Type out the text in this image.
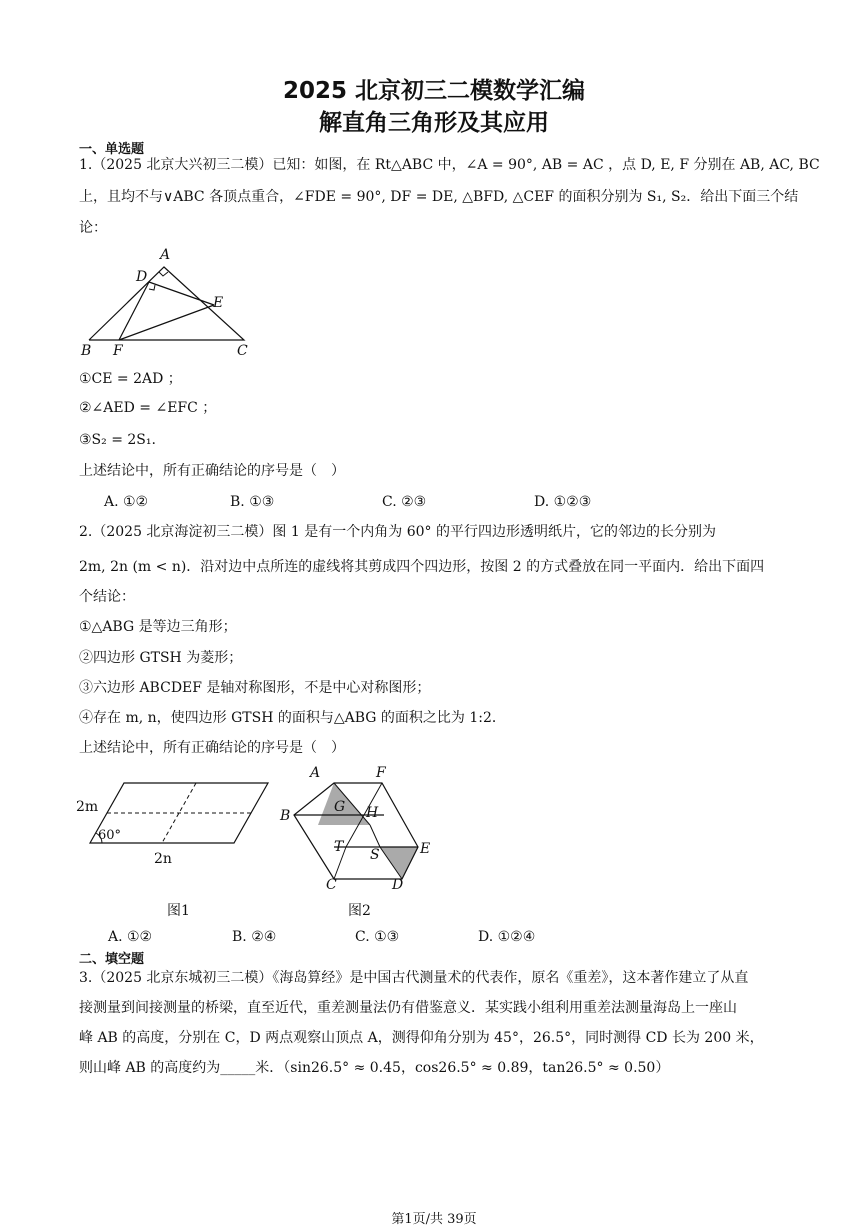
2025 北京初三二模数学汇编
解直角三角形及其应用
一、单选题
1.（2025 北京大兴初三二模）已知：如图，在 Rt△ABC 中，∠A = 90°, AB = AC ，点 D, E, F 分别在 AB, AC, BC
上，且均不与∨ABC 各顶点重合，∠FDE = 90°, DF = DE, △BFD, △CEF 的面积分别为 S₁, S₂．给出下面三个结
论：
A
D
E
B F	C
①CE = 2AD ；
②∠AED = ∠EFC ；
③S₂ = 2S₁.
上述结论中，所有正确结论的序号是（　）
A. ①②	B. ①③	C. ②③	D. ①②③
2.（2025 北京海淀初三二模）图 1 是有一个内角为 60° 的平行四边形透明纸片，它的邻边的长分别为
2m, 2n (m < n)．沿对边中点所连的虚线将其剪成四个四边形，按图 2 的方式叠放在同一平面内．给出下面四
个结论：
①△ABG 是等边三角形；
②四边形 GTSH 为菱形；
③六边形 ABCDEF 是轴对称图形，不是中心对称图形；
④存在 m, n，使四边形 GTSH 的面积与△ABG 的面积之比为 1:2．
上述结论中，所有正确结论的序号是（　）
2m
60°
2n
图1
A	F
B
G H
T S	E
C	D
图2
A. ①②	B. ②④	C. ①③	D. ①②④
二、填空题
3.（2025 北京东城初三二模）《海岛算经》是中国古代测量术的代表作，原名《重差》，这本著作建立了从直
接测量到间接测量的桥梁，直至近代，重差测量法仍有借鉴意义．某实践小组利用重差法测量海岛上一座山
峰 AB 的高度，分别在 C，D 两点观察山顶点 A，测得仰角分别为 45°，26.5°，同时测得 CD 长为 200 米，
则山峰 AB 的高度约为_____米．（sin26.5° ≈ 0.45，cos26.5° ≈ 0.89，tan26.5° ≈ 0.50）
第1页/共 39页
